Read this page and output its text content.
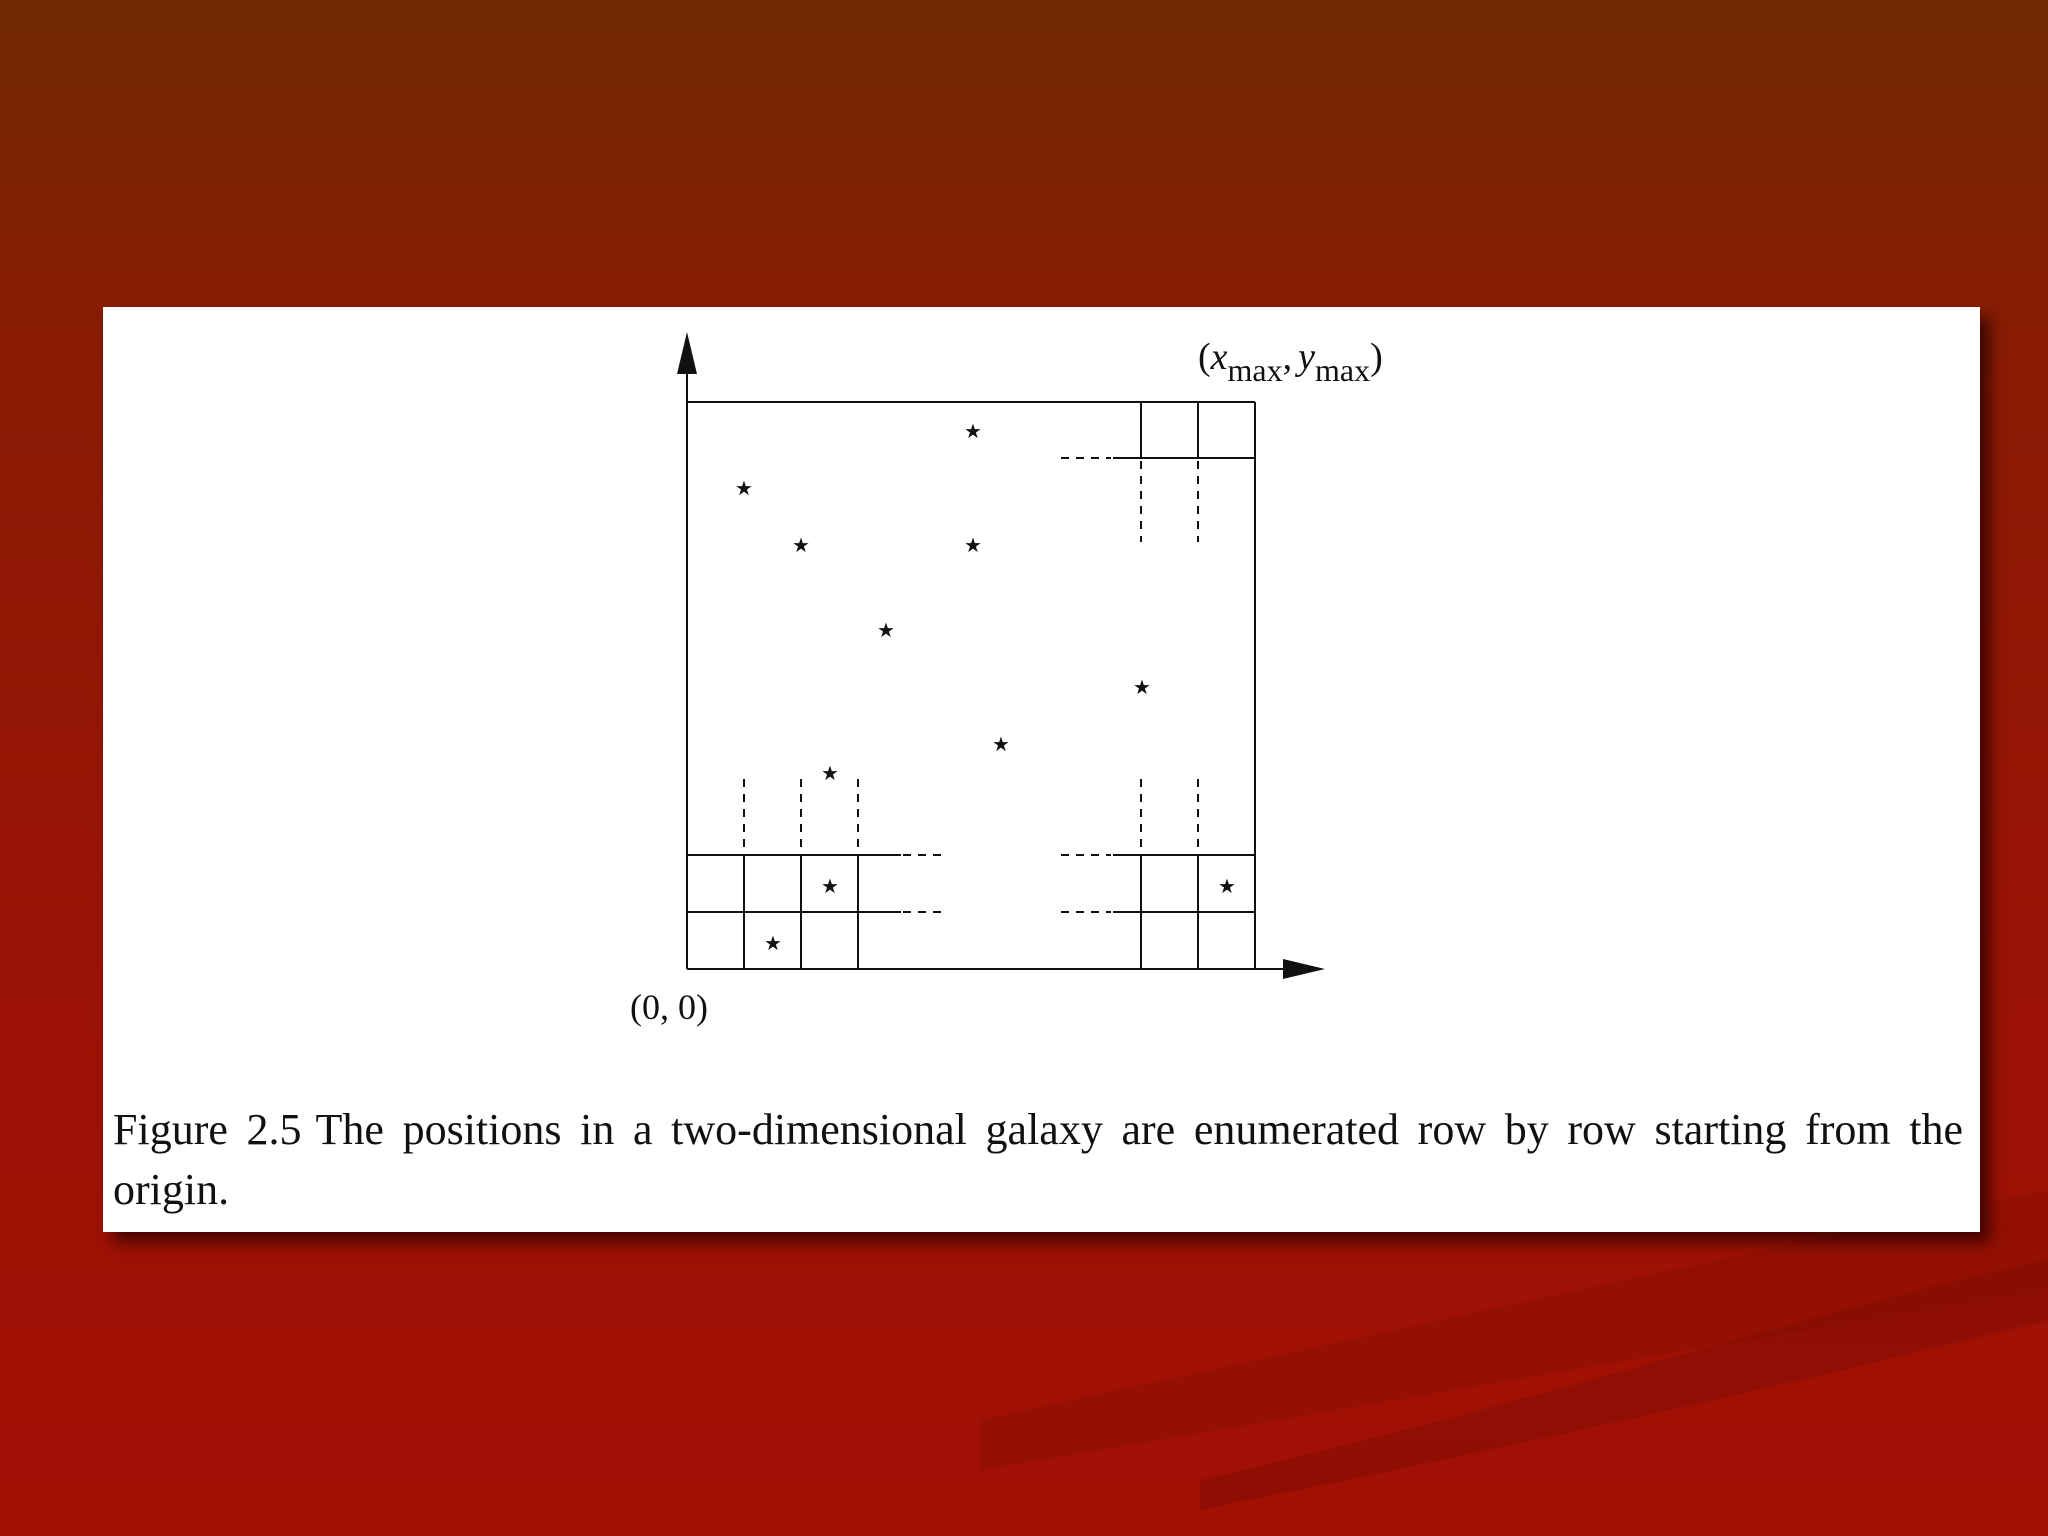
★
★
★	★
★
★
★
★
★	★
★
(0, 0)
($x_{max}$, $y_{max}$)

Figure 2.5 The positions in a two-dimensional galaxy are enumerated row by row starting from the origin.
